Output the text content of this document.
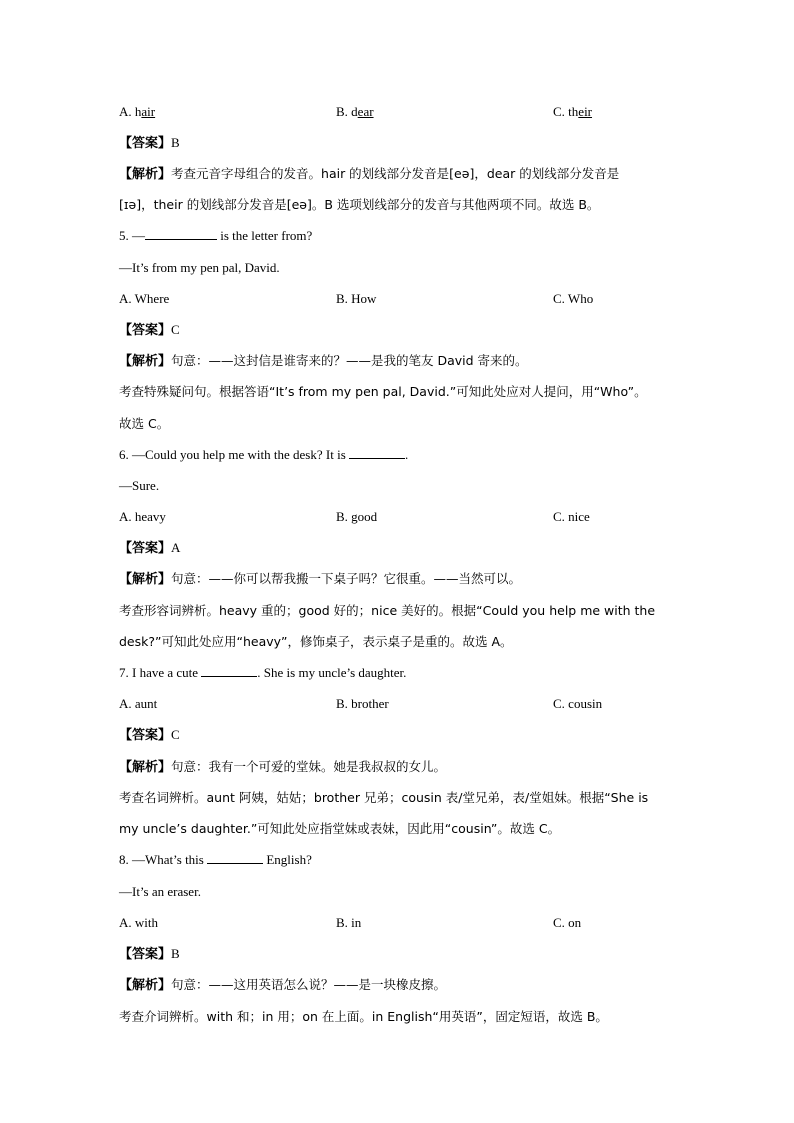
A. hair	B. dear	C. their
【答案】B
【解析】考查元音字母组合的发音。hair 的划线部分发音是[eə]，dear 的划线部分发音是
[ɪə]，their 的划线部分发音是[eə]。B 选项划线部分的发音与其他两项不同。故选 B。
5. —	is the letter from?
—It’s from my pen pal, David.
A. Where	B. How	C. Who
【答案】C
【解析】句意：——这封信是谁寄来的？——是我的笔友 David 寄来的。
考查特殊疑问句。根据答语“It’s from my pen pal, David.”可知此处应对人提问，用“Who”。
故选 C。
6. —Could you help me with the desk? It is	.
—Sure.
A. heavy	B. good	C. nice
【答案】A
【解析】句意：——你可以帮我搬一下桌子吗？它很重。——当然可以。
考查形容词辨析。heavy 重的；good 好的；nice 美好的。根据“Could you help me with the
desk?”可知此处应用“heavy”，修饰桌子，表示桌子是重的。故选 A。
7. I have a cute	. She is my uncle’s daughter.
A. aunt	B. brother	C. cousin
【答案】C
【解析】句意：我有一个可爱的堂妹。她是我叔叔的女儿。
考查名词辨析。aunt 阿姨，姑姑；brother 兄弟；cousin 表/堂兄弟，表/堂姐妹。根据“She is
my uncle’s daughter.”可知此处应指堂妹或表妹，因此用“cousin”。故选 C。
8. —What’s this	English?
—It’s an eraser.
A. with	B. in	C. on
【答案】B
【解析】句意：——这用英语怎么说？——是一块橡皮擦。
考查介词辨析。with 和；in 用；on 在上面。in English“用英语”，固定短语，故选 B。
